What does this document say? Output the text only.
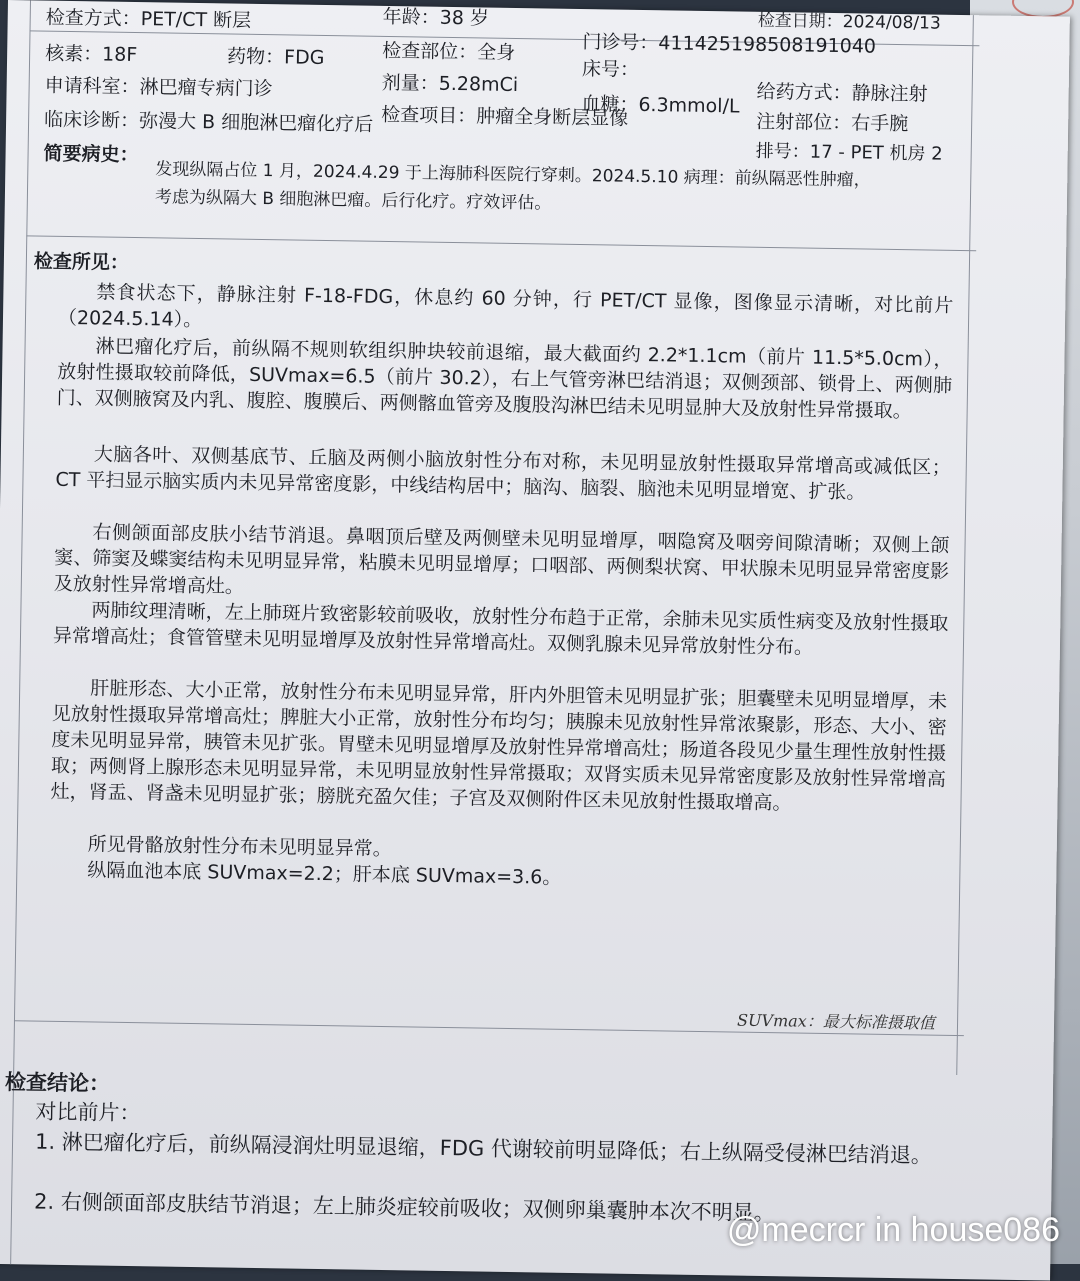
检查方式：PET/CT 断层	年龄：38 岁	检查日期：2024/08/13
核素：18F	药物：FDG	检查部位：全身	门诊号：411425198508191040
床号：
申请科室：淋巴瘤专病门诊	剂量：5.28mCi
血糖：6.3mmol/L 给药方式：静脉注射
检查项目：肿瘤全身断层显像	注射部位：右手腕
临床诊断：弥漫大 B 细胞淋巴瘤化疗后
排号：17 - PET 机房 2
简要病史：
发现纵隔占位 1 月，2024.4.29 于上海肺科医院行穿刺。2024.5.10 病理：前纵隔恶性肿瘤，
考虑为纵隔大 B 细胞淋巴瘤。后行化疗。疗效评估。
检查所见：
禁食状态下，静脉注射 F-18-FDG，休息约 60 分钟，行 PET/CT 显像，图像显示清晰，对比前片（2024.5.14）。
淋巴瘤化疗后，前纵隔不规则软组织肿块较前退缩，最大截面约 2.2*1.1cm（前片 11.5*5.0cm），放射性摄取较前降低，SUVmax=6.5（前片 30.2），右上气管旁淋巴结消退；双侧颈部、锁骨上、两侧肺门、双侧腋窝及内乳、腹腔、腹膜后、两侧髂血管旁及腹股沟淋巴结未见明显肿大及放射性异常摄取。
大脑各叶、双侧基底节、丘脑及两侧小脑放射性分布对称，未见明显放射性摄取异常增高或减低区；CT 平扫显示脑实质内未见异常密度影，中线结构居中；脑沟、脑裂、脑池未见明显增宽、扩张。
右侧颌面部皮肤小结节消退。鼻咽顶后壁及两侧壁未见明显增厚，咽隐窝及咽旁间隙清晰；双侧上颌窦、筛窦及蝶窦结构未见明显异常，粘膜未见明显增厚；口咽部、两侧梨状窝、甲状腺未见明显异常密度影及放射性异常增高灶。
两肺纹理清晰，左上肺斑片致密影较前吸收，放射性分布趋于正常，余肺未见实质性病变及放射性摄取异常增高灶；食管管壁未见明显增厚及放射性异常增高灶。双侧乳腺未见异常放射性分布。
肝脏形态、大小正常，放射性分布未见明显异常，肝内外胆管未见明显扩张；胆囊壁未见明显增厚，未见放射性摄取异常增高灶；脾脏大小正常，放射性分布均匀；胰腺未见放射性异常浓聚影，形态、大小、密度未见明显异常，胰管未见扩张。胃壁未见明显增厚及放射性异常增高灶；肠道各段见少量生理性放射性摄取；两侧肾上腺形态未见明显异常，未见明显放射性异常摄取；双肾实质未见异常密度影及放射性异常增高灶，肾盂、肾盏未见明显扩张；膀胱充盈欠佳；子宫及双侧附件区未见放射性摄取增高。
所见骨骼放射性分布未见明显异常。
纵隔血池本底 SUVmax=2.2；肝本底 SUVmax=3.6。
SUVmax：最大标准摄取值
检查结论：
对比前片：
1. 淋巴瘤化疗后，前纵隔浸润灶明显退缩，FDG 代谢较前明显降低；右上纵隔受侵淋巴结消退。
2. 右侧颌面部皮肤结节消退；左上肺炎症较前吸收；双侧卵巢囊肿本次不明显。
@mecrcr in house086
